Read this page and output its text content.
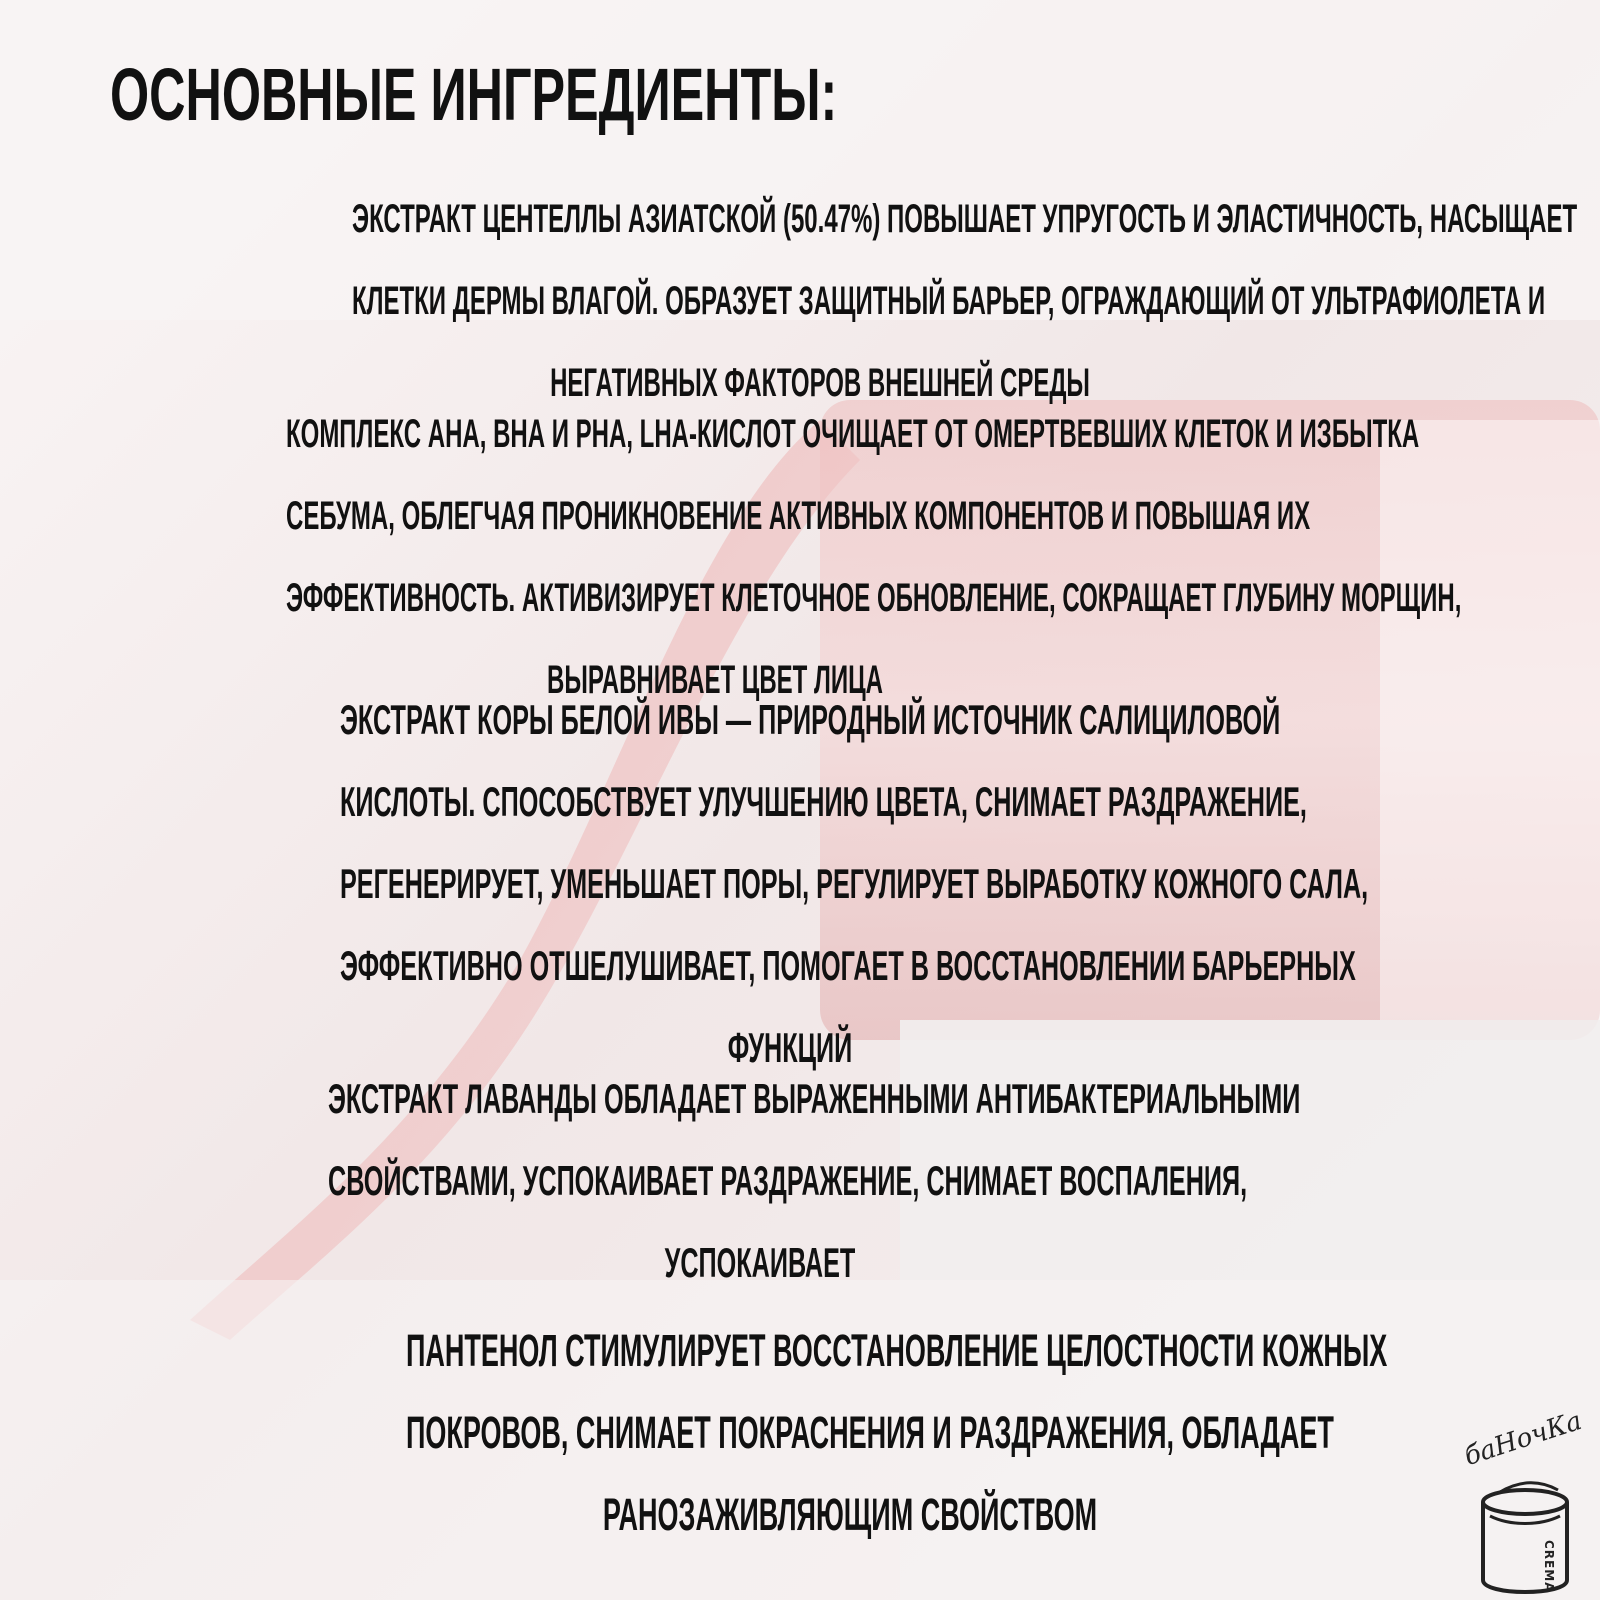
ОСНОВНЫЕ ИНГРЕДИЕНТЫ:
ЭКСТРАКТ ЦЕНТЕЛЛЫ АЗИАТСКОЙ (50.47%) ПОВЫШАЕТ УПРУГОСТЬ И ЭЛАСТИЧНОСТЬ, НАСЫЩАЕТ
КЛЕТКИ ДЕРМЫ ВЛАГОЙ. ОБРАЗУЕТ ЗАЩИТНЫЙ БАРЬЕР, ОГРАЖДАЮЩИЙ ОТ УЛЬТРАФИОЛЕТА И
НЕГАТИВНЫХ ФАКТОРОВ ВНЕШНЕЙ СРЕДЫ
КОМПЛЕКС АНА, ВНА И РНА, LНА-КИСЛОТ ОЧИЩАЕТ ОТ ОМЕРТВЕВШИХ КЛЕТОК И ИЗБЫТКА
СЕБУМА, ОБЛЕГЧАЯ ПРОНИКНОВЕНИЕ АКТИВНЫХ КОМПОНЕНТОВ И ПОВЫШАЯ ИХ
ЭФФЕКТИВНОСТЬ. АКТИВИЗИРУЕТ КЛЕТОЧНОЕ ОБНОВЛЕНИЕ, СОКРАЩАЕТ ГЛУБИНУ МОРЩИН,
ВЫРАВНИВАЕТ ЦВЕТ ЛИЦА
ЭКСТРАКТ КОРЫ БЕЛОЙ ИВЫ — ПРИРОДНЫЙ ИСТОЧНИК САЛИЦИЛОВОЙ
КИСЛОТЫ. СПОСОБСТВУЕТ УЛУЧШЕНИЮ ЦВЕТА, СНИМАЕТ РАЗДРАЖЕНИЕ,
РЕГЕНЕРИРУЕТ, УМЕНЬШАЕТ ПОРЫ, РЕГУЛИРУЕТ ВЫРАБОТКУ КОЖНОГО САЛА,
ЭФФЕКТИВНО ОТШЕЛУШИВАЕТ, ПОМОГАЕТ В ВОССТАНОВЛЕНИИ БАРЬЕРНЫХ
ФУНКЦИЙ
ЭКСТРАКТ ЛАВАНДЫ ОБЛАДАЕТ ВЫРАЖЕННЫМИ АНТИБАКТЕРИАЛЬНЫМИ
СВОЙСТВАМИ, УСПОКАИВАЕТ РАЗДРАЖЕНИЕ, СНИМАЕТ ВОСПАЛЕНИЯ,
УСПОКАИВАЕТ
ПАНТЕНОЛ СТИМУЛИРУЕТ ВОССТАНОВЛЕНИЕ ЦЕЛОСТНОСТИ КОЖНЫХ
ПОКРОВОВ, СНИМАЕТ ПОКРАСНЕНИЯ И РАЗДРАЖЕНИЯ, ОБЛАДАЕТ
РАНОЗАЖИВЛЯЮЩИМ СВОЙСТВОМ
баНочКа
CREMA
